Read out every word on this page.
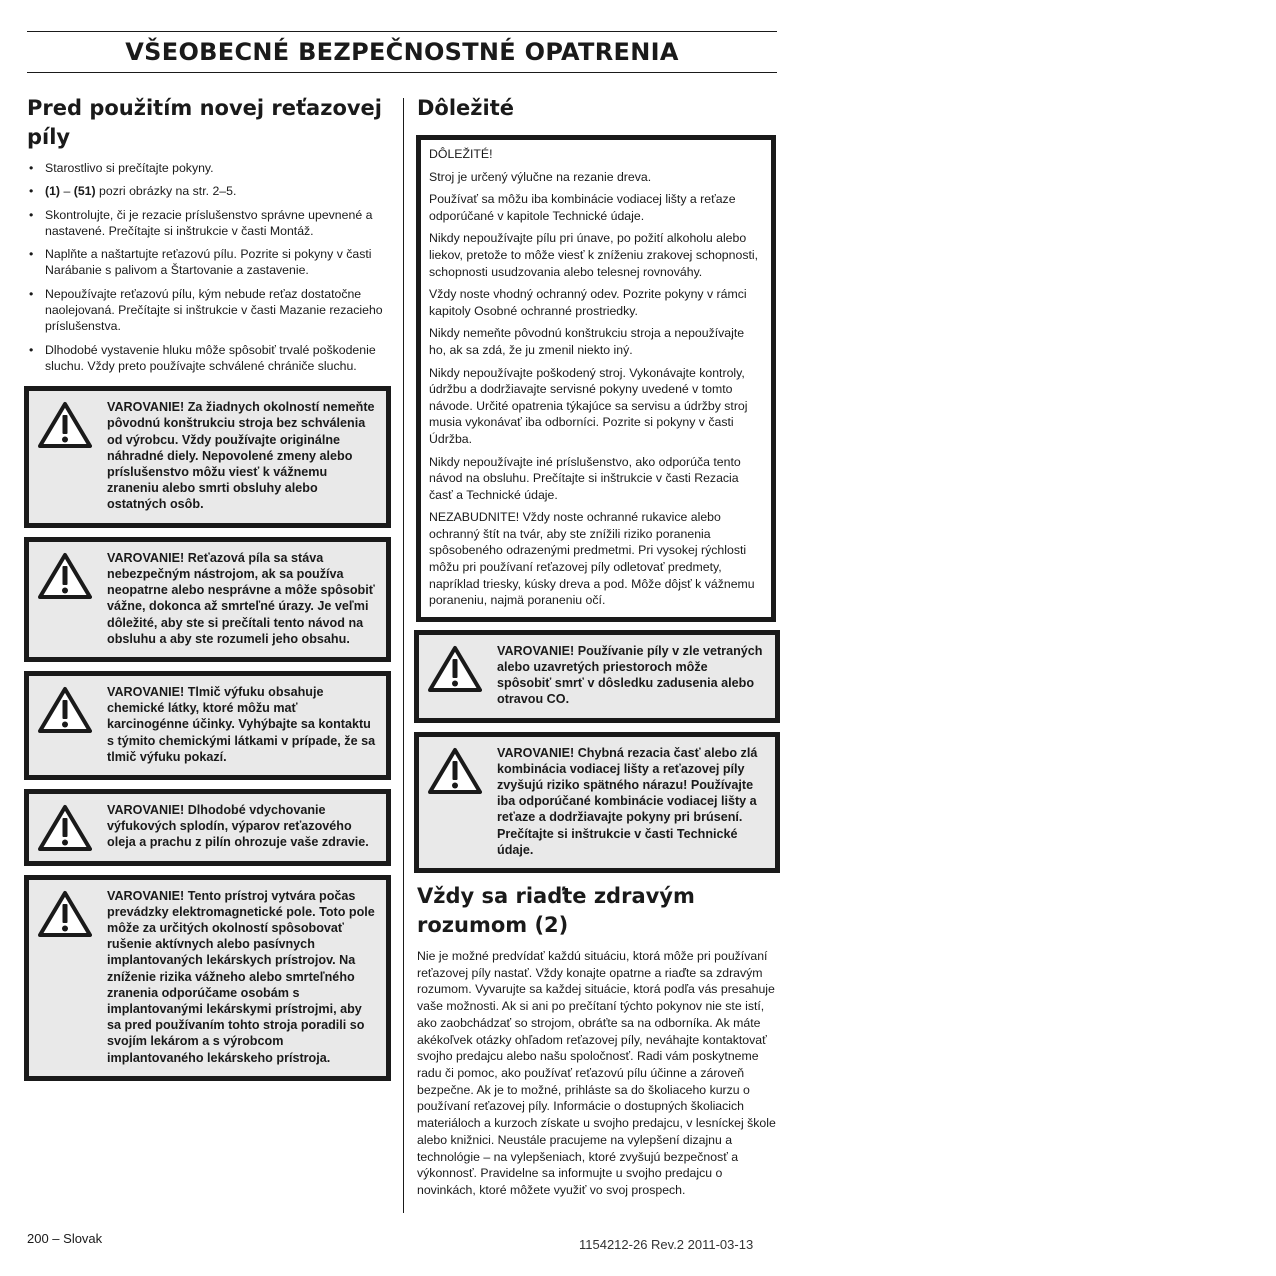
VŠEOBECNÉ BEZPEČNOSTNÉ OPATRENIA
Pred použitím novej reťazovej píly
• Starostlivo si prečítajte pokyny.
• (1) – (51) pozri obrázky na str. 2–5.
• Skontrolujte, či je rezacie príslušenstvo správne upevnené a nastavené. Prečítajte si inštrukcie v časti Montáž.
• Naplňte a naštartujte reťazovú pílu. Pozrite si pokyny v časti Narábanie s palivom a Štartovanie a zastavenie.
• Nepoužívajte reťazovú pílu, kým nebude reťaz dostatočne naolejovaná. Prečítajte si inštrukcie v časti Mazanie rezacieho príslušenstva.
• Dlhodobé vystavenie hluku môže spôsobiť trvalé poškodenie sluchu. Vždy preto používajte schválené chrániče sluchu.

VAROVANIE! Za žiadnych okolností nemeňte pôvodnú konštrukciu stroja bez schválenia od výrobcu. Vždy používajte originálne náhradné diely. Nepovolené zmeny alebo príslušenstvo môžu viesť k vážnemu zraneniu alebo smrti obsluhy alebo ostatných osôb.

VAROVANIE! Reťazová píla sa stáva nebezpečným nástrojom, ak sa používa neopatrne alebo nesprávne a môže spôsobiť vážne, dokonca až smrteľné úrazy. Je veľmi dôležité, aby ste si prečítali tento návod na obsluhu a aby ste rozumeli jeho obsahu.

VAROVANIE! Tlmič výfuku obsahuje chemické látky, ktoré môžu mať karcinogénne účinky. Vyhýbajte sa kontaktu s týmito chemickými látkami v prípade, že sa tlmič výfuku pokazí.

VAROVANIE! Dlhodobé vdychovanie výfukových splodín, výparov reťazového oleja a prachu z pilín ohrozuje vaše zdravie.

VAROVANIE! Tento prístroj vytvára počas prevádzky elektromagnetické pole. Toto pole môže za určitých okolností spôsobovať rušenie aktívnych alebo pasívnych implantovaných lekárskych prístrojov. Na zníženie rizika vážneho alebo smrteľného zranenia odporúčame osobám s implantovanými lekárskymi prístrojmi, aby sa pred používaním tohto stroja poradili so svojím lekárom a s výrobcom implantovaného lekárskeho prístroja.

Dôležité

DÔLEŽITÉ!

Stroj je určený výlučne na rezanie dreva.

Používať sa môžu iba kombinácie vodiacej lišty a reťaze odporúčané v kapitole Technické údaje.

Nikdy nepoužívajte pílu pri únave, po požití alkoholu alebo liekov, pretože to môže viesť k zníženiu zrakovej schopnosti, schopnosti usudzovania alebo telesnej rovnováhy.

Vždy noste vhodný ochranný odev. Pozrite pokyny v rámci kapitoly Osobné ochranné prostriedky.

Nikdy nemeňte pôvodnú konštrukciu stroja a nepoužívajte ho, ak sa zdá, že ju zmenil niekto iný.

Nikdy nepoužívajte poškodený stroj. Vykonávajte kontroly, údržbu a dodržiavajte servisné pokyny uvedené v tomto návode. Určité opatrenia týkajúce sa servisu a údržby stroj musia vykonávať iba odborníci. Pozrite si pokyny v časti Údržba.

Nikdy nepoužívajte iné príslušenstvo, ako odporúča tento návod na obsluhu. Prečítajte si inštrukcie v časti Rezacia časť a Technické údaje.

NEZABUDNITE! Vždy noste ochranné rukavice alebo ochranný štít na tvár, aby ste znížili riziko poranenia spôsobeného odrazenými predmetmi. Pri vysokej rýchlosti môžu pri používaní reťazovej píly odletovať predmety, napríklad triesky, kúsky dreva a pod. Môže dôjsť k vážnemu poraneniu, najmä poraneniu očí.

VAROVANIE! Používanie píly v zle vetraných alebo uzavretých priestoroch môže spôsobiť smrť v dôsledku zadusenia alebo otravou CO.

VAROVANIE! Chybná rezacia časť alebo zlá kombinácia vodiacej lišty a reťazovej píly zvyšujú riziko spätného nárazu! Používajte iba odporúčané kombinácie vodiacej lišty a reťaze a dodržiavajte pokyny pri brúsení. Prečítajte si inštrukcie v časti Technické údaje.

Vždy sa riaďte zdravým rozumom (2)

Nie je možné predvídať každú situáciu, ktorá môže pri používaní reťazovej píly nastať. Vždy konajte opatrne a riaďte sa zdravým rozumom. Vyvarujte sa každej situácie, ktorá podľa vás presahuje vaše možnosti. Ak si ani po prečítaní týchto pokynov nie ste istí, ako zaobchádzať so strojom, obráťte sa na odborníka. Ak máte akékoľvek otázky ohľadom reťazovej píly, neváhajte kontaktovať svojho predajcu alebo našu spoločnosť. Radi vám poskytneme radu či pomoc, ako používať reťazovú pílu účinne a zároveň bezpečne. Ak je to možné, prihláste sa do školiaceho kurzu o používaní reťazovej píly. Informácie o dostupných školiacich materiáloch a kurzoch získate u svojho predajcu, v lesníckej škole alebo knižnici. Neustále pracujeme na vylepšení dizajnu a technológie – na vylepšeniach, ktoré zvyšujú bezpečnosť a výkonnosť. Pravidelne sa informujte u svojho predajcu o novinkách, ktoré môžete využiť vo svoj prospech.

200 – Slovak	1154212-26 Rev.2 2011-03-13
